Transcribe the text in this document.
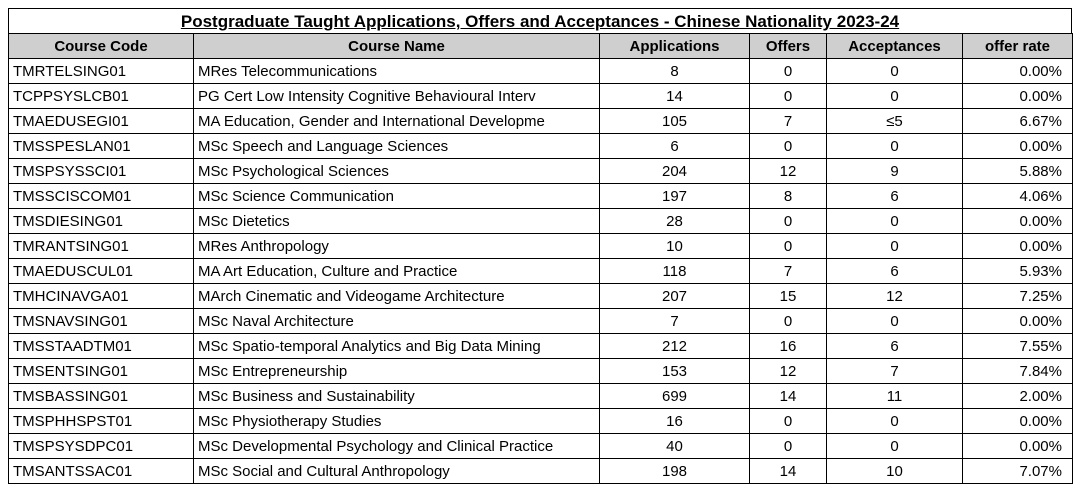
Postgraduate Taught Applications, Offers and Acceptances - Chinese Nationality 2023-24
Course Code	Course Name	Applications	Offers	Acceptances	offer rate
TMRTELSING01	MRes Telecommunications	8	0	0	0.00%
TCPPSYSLCB01	PG Cert Low Intensity Cognitive Behavioural Interv	14	0	0	0.00%
TMAEDUSEGI01	MA Education, Gender and International Developme	105	7	≤5	6.67%
TMSSPESLAN01	MSc Speech and Language Sciences	6	0	0	0.00%
TMSPSYSSCI01	MSc Psychological Sciences	204	12	9	5.88%
TMSSCISCOM01	MSc Science Communication	197	8	6	4.06%
TMSDIESING01	MSc Dietetics	28	0	0	0.00%
TMRANTSING01	MRes Anthropology	10	0	0	0.00%
TMAEDUSCUL01	MA Art Education, Culture and Practice	118	7	6	5.93%
TMHCINAVGA01	MArch Cinematic and Videogame Architecture	207	15	12	7.25%
TMSNAVSING01	MSc Naval Architecture	7	0	0	0.00%
TMSSTAADTM01	MSc Spatio-temporal Analytics and Big Data Mining	212	16	6	7.55%
TMSENTSING01	MSc Entrepreneurship	153	12	7	7.84%
TMSBASSING01	MSc Business and Sustainability	699	14	11	2.00%
TMSPHHSPST01	MSc Physiotherapy Studies	16	0	0	0.00%
TMSPSYSDPC01	MSc Developmental Psychology and Clinical Practice	40	0	0	0.00%
TMSANTSSAC01	MSc Social and Cultural Anthropology	198	14	10	7.07%
